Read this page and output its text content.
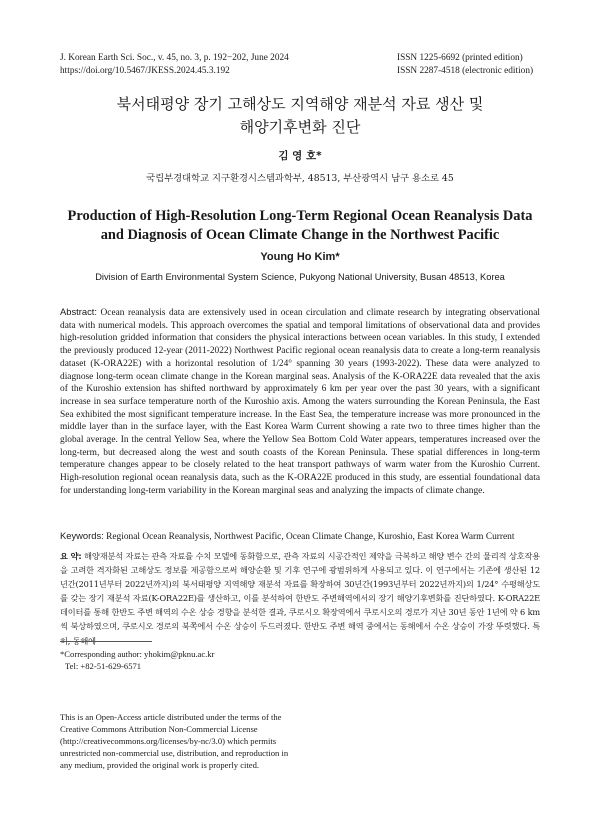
J. Korean Earth Sci. Soc., v. 45, no. 3, p. 192−202, June 2024
https://doi.org/10.5467/JKESS.2024.45.3.192
ISSN 1225-6692 (printed edition)
ISSN 2287-4518 (electronic edition)
북서태평양 장기 고해상도 지역해양 재분석 자료 생산 및
해양기후변화 진단
김 영 호*
국립부경대학교 지구환경시스템과학부, 48513, 부산광역시 남구 용소로 45
Production of High-Resolution Long-Term Regional Ocean Reanalysis Data
and Diagnosis of Ocean Climate Change in the Northwest Pacific
Young Ho Kim*
Division of Earth Environmental System Science, Pukyong National University, Busan 48513, Korea

Abstract: Ocean reanalysis data are extensively used in ocean circulation and climate research by integrating observational data with numerical models. This approach overcomes the spatial and temporal limitations of observational data and provides high-resolution gridded information that considers the physical interactions between ocean variables. In this study, I extended the previously produced 12-year (2011-2022) Northwest Pacific regional ocean reanalysis data to create a long-term reanalysis dataset (K-ORA22E) with a horizontal resolution of 1/24° spanning 30 years (1993-2022). These data were analyzed to diagnose long-term ocean climate change in the Korean marginal seas. Analysis of the K-ORA22E data revealed that the axis of the Kuroshio extension has shifted northward by approximately 6 km per year over the past 30 years, with a significant increase in sea surface temperature north of the Kuroshio axis. Among the waters surrounding the Korean Peninsula, the East Sea exhibited the most significant temperature increase. In the East Sea, the temperature increase was more pronounced in the middle layer than in the surface layer, with the East Korea Warm Current showing a rate two to three times higher than the global average. In the central Yellow Sea, where the Yellow Sea Bottom Cold Water appears, temperatures increased over the long-term, but decreased along the west and south coasts of the Korean Peninsula. These spatial differences in long-term temperature changes appear to be closely related to the heat transport pathways of warm water from the Kuroshio Current. High-resolution regional ocean reanalysis data, such as the K-ORA22E produced in this study, are essential foundational data for understanding long-term variability in the Korean marginal seas and analyzing the impacts of climate change.

Keywords: Regional Ocean Reanalysis, Northwest Pacific, Ocean Climate Change, Kuroshio, East Korea Warm Current

요 약: 해양재분석 자료는 관측 자료를 수치 모델에 동화함으로, 관측 자료의 시공간적인 제약을 극복하고 해양 변수 간의 물리적 상호작용을 고려한 격자화된 고해상도 정보를 제공함으로써 해양순환 및 기후 연구에 광범위하게 사용되고 있다. 이 연구에서는 기존에 생산된 12년간(2011년부터 2022년까지)의 북서태평양 지역해양 재분석 자료를 확장하여 30년간(1993년부터 2022년까지)의 1/24° 수평해상도를 갖는 장기 재분석 자료(K-ORA22E)를 생산하고, 이를 분석하여 한반도 주변해역에서의 장기 해양기후변화를 진단하였다. K-ORA22E 데이터를 통해 한반도 주변 해역의 수온 상승 경향을 분석한 결과, 쿠로시오 확장역에서 쿠로시오의 경로가 지난 30년 동안 1년에 약 6 km 씩 북상하였으며, 쿠로시오 경로의 북쪽에서 수온 상승이 두드러졌다. 한반도 주변 해역 중에서는 동해에서 수온 상승이 가장 뚜렷했다. 특히, 동해에

*Corresponding author: yhokim@pknu.ac.kr
Tel: +82-51-629-6571
This is an Open-Access article distributed under the terms of the Creative Commons Attribution Non-Commercial License (http://creativecommons.org/licenses/by-nc/3.0) which permits unrestricted non-commercial use, distribution, and reproduction in any medium, provided the original work is properly cited.
